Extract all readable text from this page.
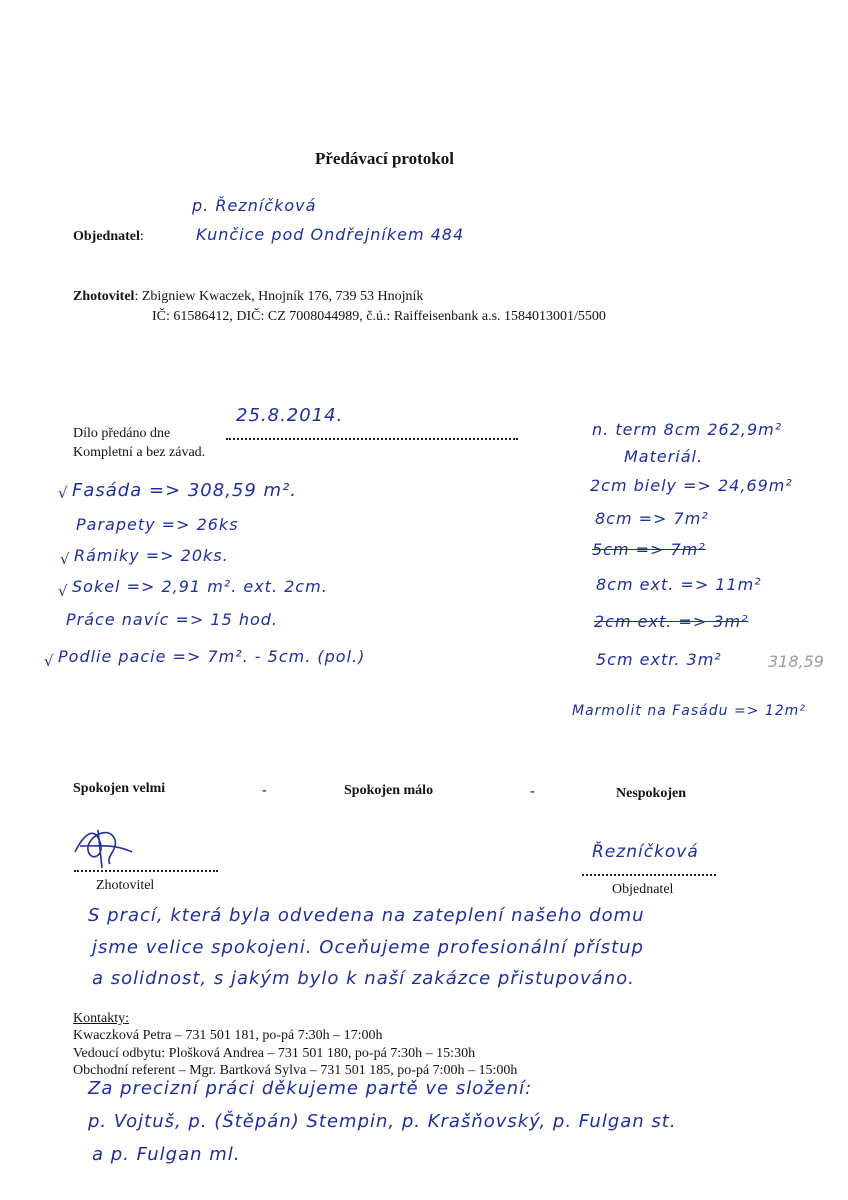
Předávací protokol
p. Řezníčková
Objednatel:	Kunčice pod Ondřejníkem 484
Zhotovitel: Zbigniew Kwaczek, Hnojník 176, 739 53 Hnojník
IČ: 61586412, DIČ: CZ 7008044989, č.ú.: Raiffeisenbank a.s. 1584013001/5500
25.8.2014.
Dílo předáno dne
Kompletní a bez závad.
√ Fasáda => 308,59 m².
Parapety => 26ks
√ Rámiky => 20ks.
√ Sokel => 2,91 m². ext. 2cm.
Práce navíc => 15 hod.
√ Podlie pacie => 7m². - 5cm. (pol.)
n. term 8cm 262,9m²
Materiál.
2cm biely => 24,69m²
8cm => 7m²
5cm => 7m²
8cm ext. => 11m²
2cm ext. => 3m²
5cm extr. 3m²	318,59
Marmolit na Fasádu => 12m²
Spokojen velmi	-	Spokojen málo	-	Nespokojen
Zhotovitel
Řezníčková
Objednatel
S prací, která byla odvedena na zateplení našeho domu
jsme velice spokojeni. Oceňujeme profesionální přístup
a solidnost, s jakým bylo k naší zakázce přistupováno.
Kontakty:
Kwaczková Petra – 731 501 181, po-pá 7:30h – 17:00h
Vedoucí odbytu: Plošková Andrea – 731 501 180, po-pá 7:30h – 15:30h
Obchodní referent – Mgr. Bartková Sylva – 731 501 185, po-pá 7:00h – 15:00h
Za precizní práci děkujeme partě ve složení:
p. Vojtuš, p. (Štěpán) Stempin, p. Krašňovský, p. Fulgan st.
a p. Fulgan ml.
